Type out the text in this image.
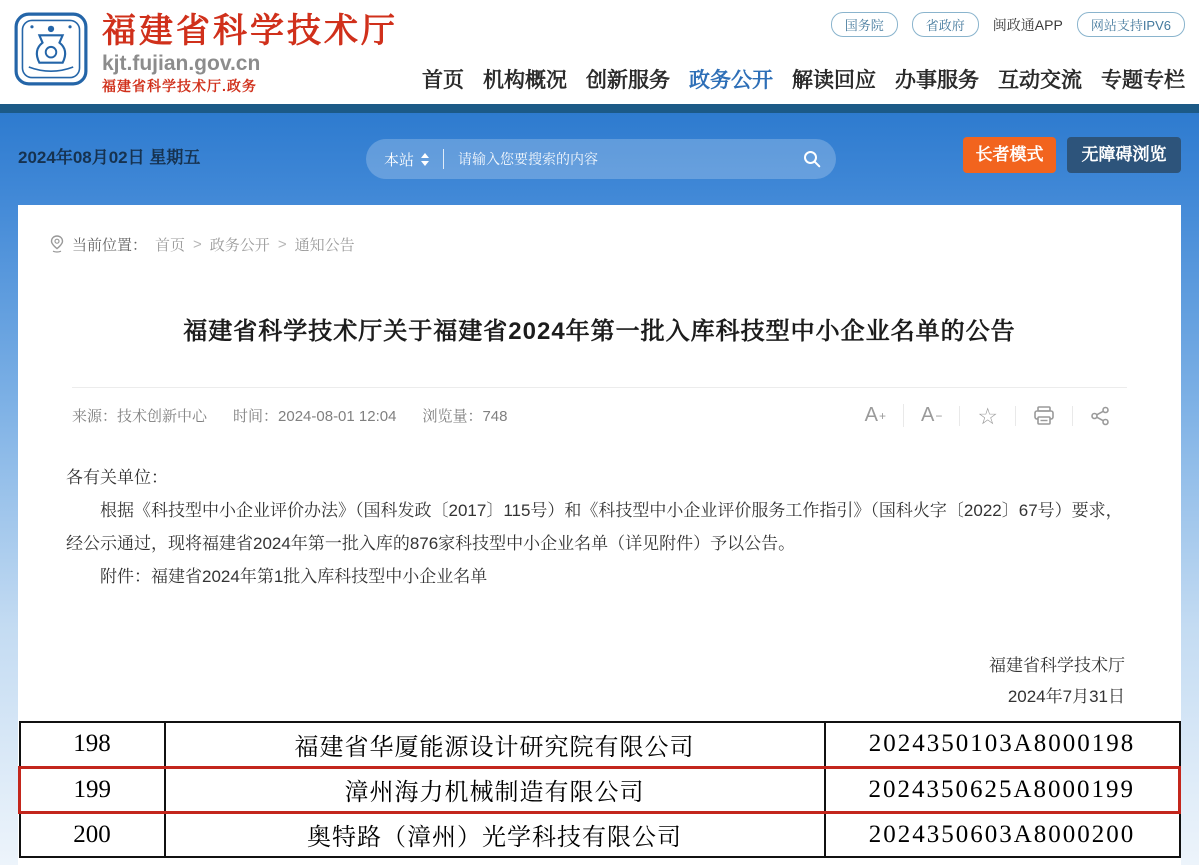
福建省科学技术厅
kjt.fujian.gov.cn
福建省科学技术厅.政务
国务院	省政府	闽政通APP	网站支持IPV6
首页 机构概况 创新服务 政务公开 解读回应 办事服务 互动交流 专题专栏
2024年08月02日 星期五	本站
请输入您要搜索的内容	长者模式	无障碍浏览
当前位置： 首页 > 政务公开 > 通知公告
福建省科学技术厅关于福建省2024年第一批入库科技型中小企业名单的公告
来源：技术创新中心 时间：2024-08-01 12:04 浏览量：748	A + A − ☆

各有关单位：

根据《科技型中小企业评价办法》（国科发政〔2017〕115号）和《科技型中小企业评价服务工作指引》（国科火字〔2022〕67号）要求，经公示通过，现将福建省2024年第一批入库的876家科技型中小企业名单（详见附件）予以公告。

附件：福建省2024年第1批入库科技型中小企业名单

福建省科学技术厅
2024年7月31日
198	福建省华厦能源设计研究院有限公司	2024350103A8000198
199	漳州海力机械制造有限公司	2024350625A8000199
200	奥特路（漳州）光学科技有限公司	2024350603A8000200
